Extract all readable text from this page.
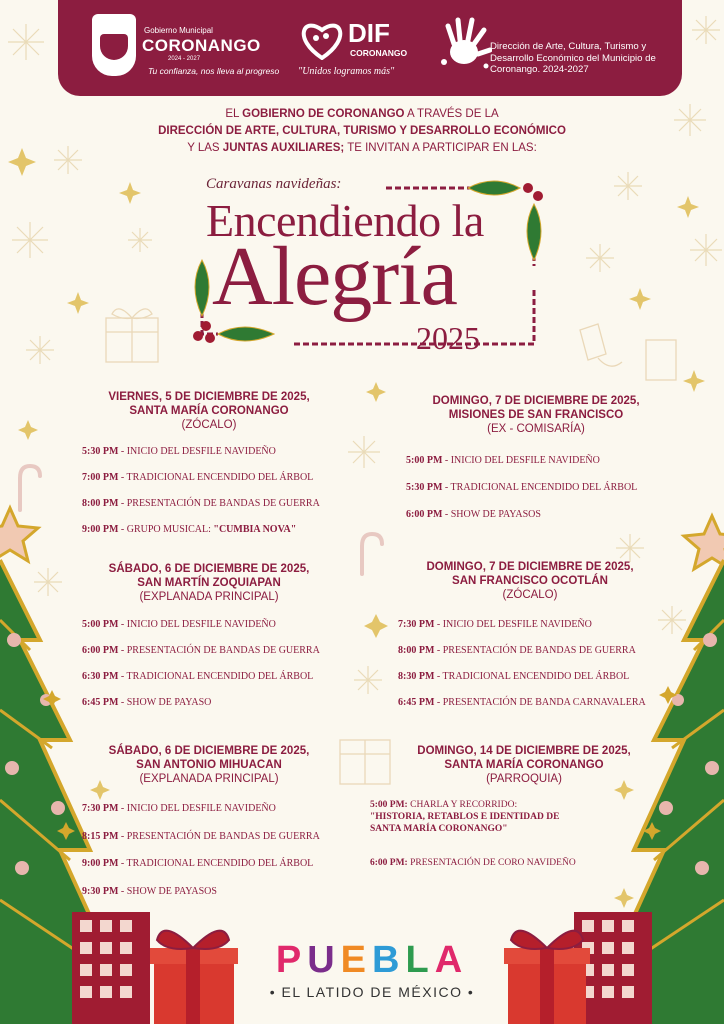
Gobierno Municipal
CORONANGO
2024 - 2027
Tu confianza, nos lleva al progreso
DIF
CORONANGO
"Unidos logramos más"
Dirección de Arte, Cultura, Turismo y Desarrollo Económico del Municipio de Coronango. 2024-2027
EL GOBIERNO DE CORONANGO A TRAVÉS DE LA
DIRECCIÓN DE ARTE, CULTURA, TURISMO Y DESARROLLO ECONÓMICO
Y LAS JUNTAS AUXILIARES; TE INVITAN A PARTICIPAR EN LAS:
Caravanas navideñas:
Encendiendo la
Alegría
2025
VIERNES, 5 DE DICIEMBRE DE 2025,
SANTA MARÍA CORONANGO
(ZÓCALO)
5:30 PM - INICIO DEL DESFILE NAVIDEÑO
7:00 PM - TRADICIONAL ENCENDIDO DEL ÁRBOL
8:00 PM - PRESENTACIÓN DE BANDAS DE GUERRA
9:00 PM - GRUPO MUSICAL: "CUMBIA NOVA"
SÁBADO, 6 DE DICIEMBRE DE 2025,
SAN MARTÍN ZOQUIAPAN
(EXPLANADA PRINCIPAL)
5:00 PM - INICIO DEL DESFILE NAVIDEÑO
6:00 PM - PRESENTACIÓN DE BANDAS DE GUERRA
6:30 PM - TRADICIONAL ENCENDIDO DEL ÁRBOL
6:45 PM - SHOW DE PAYASO
SÁBADO, 6 DE DICIEMBRE DE 2025,
SAN ANTONIO MIHUACAN
(EXPLANADA PRINCIPAL)
7:30 PM - INICIO DEL DESFILE NAVIDEÑO
8:15 PM - PRESENTACIÓN DE BANDAS DE GUERRA
9:00 PM - TRADICIONAL ENCENDIDO DEL ÁRBOL
9:30 PM - SHOW DE PAYASOS
DOMINGO, 7 DE DICIEMBRE DE 2025,
MISIONES DE SAN FRANCISCO
(EX - COMISARÍA)
5:00 PM - INICIO DEL DESFILE NAVIDEÑO
5:30 PM - TRADICIONAL ENCENDIDO DEL ÁRBOL
6:00 PM - SHOW DE PAYASOS
DOMINGO, 7 DE DICIEMBRE DE 2025,
SAN FRANCISCO OCOTLÁN
(ZÓCALO)
7:30 PM - INICIO DEL DESFILE NAVIDEÑO
8:00 PM - PRESENTACIÓN DE BANDAS DE GUERRA
8:30 PM - TRADICIONAL ENCENDIDO DEL ÁRBOL
6:45 PM - PRESENTACIÓN DE BANDA CARNAVALERA
DOMINGO, 14 DE DICIEMBRE DE 2025,
SANTA MARÍA CORONANGO
(PARROQUIA)
5:00 PM: CHARLA Y RECORRIDO:
"HISTORIA, RETABLOS E IDENTIDAD DE
SANTA MARÍA CORONANGO"
6:00 PM: PRESENTACIÓN DE CORO NAVIDEÑO
PUEBLA
• EL LATIDO DE MÉXICO •
